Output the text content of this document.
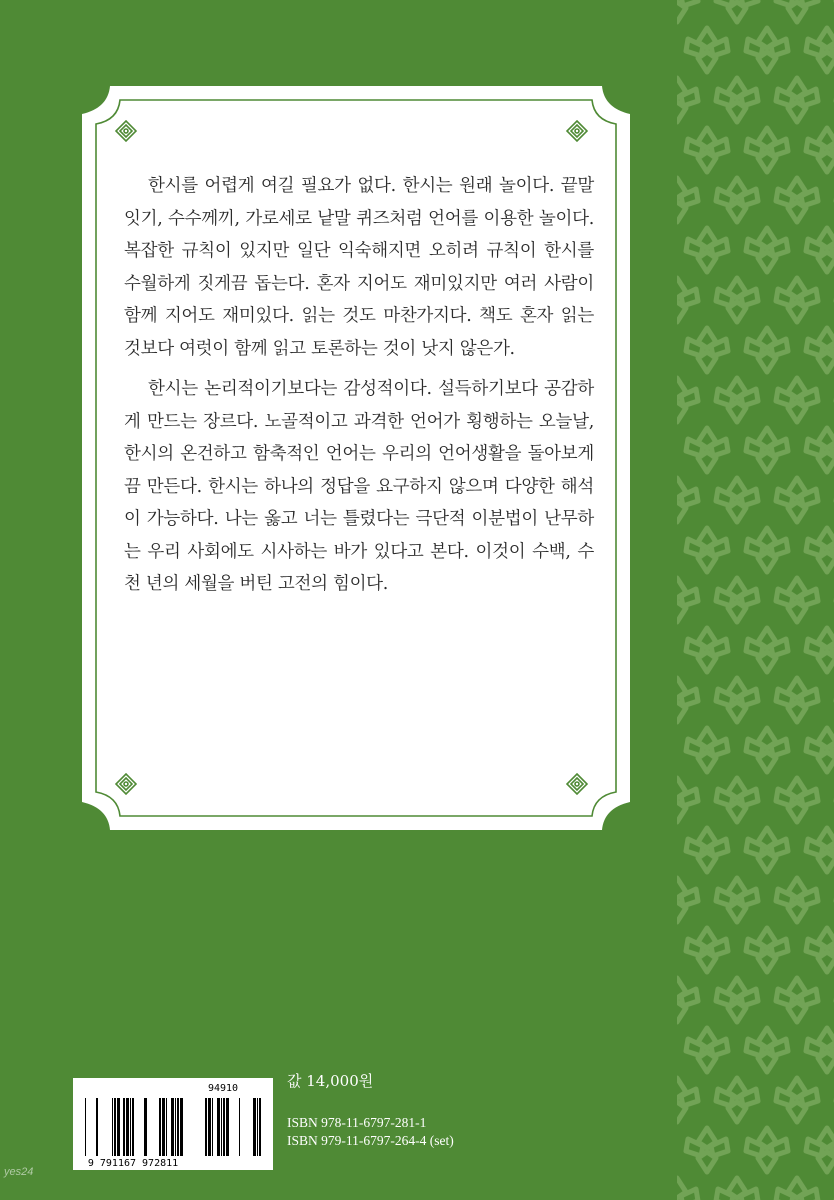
한시를 어렵게 여길 필요가 없다. 한시는 원래 놀이다. 끝말잇기, 수수께끼, 가로세로 낱말 퀴즈처럼 언어를 이용한 놀이다. 복잡한 규칙이 있지만 일단 익숙해지면 오히려 규칙이 한시를 수월하게 짓게끔 돕는다. 혼자 지어도 재미있지만 여러 사람이 함께 지어도 재미있다. 읽는 것도 마찬가지다. 책도 혼자 읽는 것보다 여럿이 함께 읽고 토론하는 것이 낫지 않은가.

한시는 논리적이기보다는 감성적이다. 설득하기보다 공감하게 만드는 장르다. 노골적이고 과격한 언어가 횡행하는 오늘날, 한시의 온건하고 함축적인 언어는 우리의 언어생활을 돌아보게끔 만든다. 한시는 하나의 정답을 요구하지 않으며 다양한 해석이 가능하다. 나는 옳고 너는 틀렸다는 극단적 이분법이 난무하는 우리 사회에도 시사하는 바가 있다고 본다. 이것이 수백, 수천 년의 세월을 버틴 고전의 힘이다.

94910
9 791167 972811
값 14,000원
ISBN 978-11-6797-281-1
ISBN 979-11-6797-264-4 (set)
yes24
